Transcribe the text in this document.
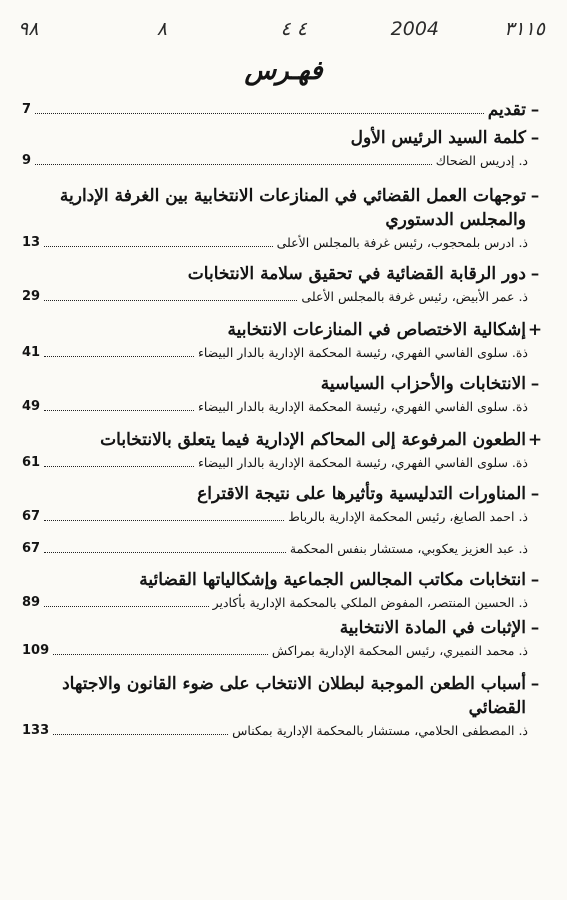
٣١١٥
2004
٤ ٤
٨
٩٨
فهـرس
–
تقديم
7
–
كلمة السيد الرئيس الأول
د. إدريس الضحاك
9
–
توجهات العمل القضائي في المنازعات الانتخابية بين الغرفة الإدارية والمجلس الدستوري
ذ. ادرس بلمحجوب، رئيس غرفة بالمجلس الأعلى
13
–
دور الرقابة القضائية في تحقيق سلامة الانتخابات
ذ. عمر الأبيض، رئيس غرفة بالمجلس الأعلى
29
+
إشكالية الاختصاص في المنازعات الانتخابية
ذة. سلوى الفاسي الفهري، رئيسة المحكمة الإدارية بالدار البيضاء
41
–
الانتخابات والأحزاب السياسية
ذة. سلوى الفاسي الفهري، رئيسة المحكمة الإدارية بالدار البيضاء
49
+
الطعون المرفوعة إلى المحاكم الإدارية فيما يتعلق بالانتخابات
ذة. سلوى الفاسي الفهري، رئيسة المحكمة الإدارية بالدار البيضاء
61
–
المناورات التدليسية وتأثيرها على نتيجة الاقتراع
ذ. احمد الصايغ، رئيس المحكمة الإدارية بالرباط
67
ذ. عبد العزيز يعكوبي، مستشار بنفس المحكمة
67
–
انتخابات مكاتب المجالس الجماعية وإشكالياتها القضائية
ذ. الحسين المنتصر، المفوض الملكي بالمحكمة الإدارية بأكادير
89
–
الإثبات في المادة الانتخابية
ذ. محمد النميري، رئيس المحكمة الإدارية بمراكش
109
–
أسباب الطعن الموجبة لبطلان الانتخاب على ضوء القانون والاجتهاد القضائي
ذ. المصطفى الحلامي، مستشار بالمحكمة الإدارية بمكناس
133
